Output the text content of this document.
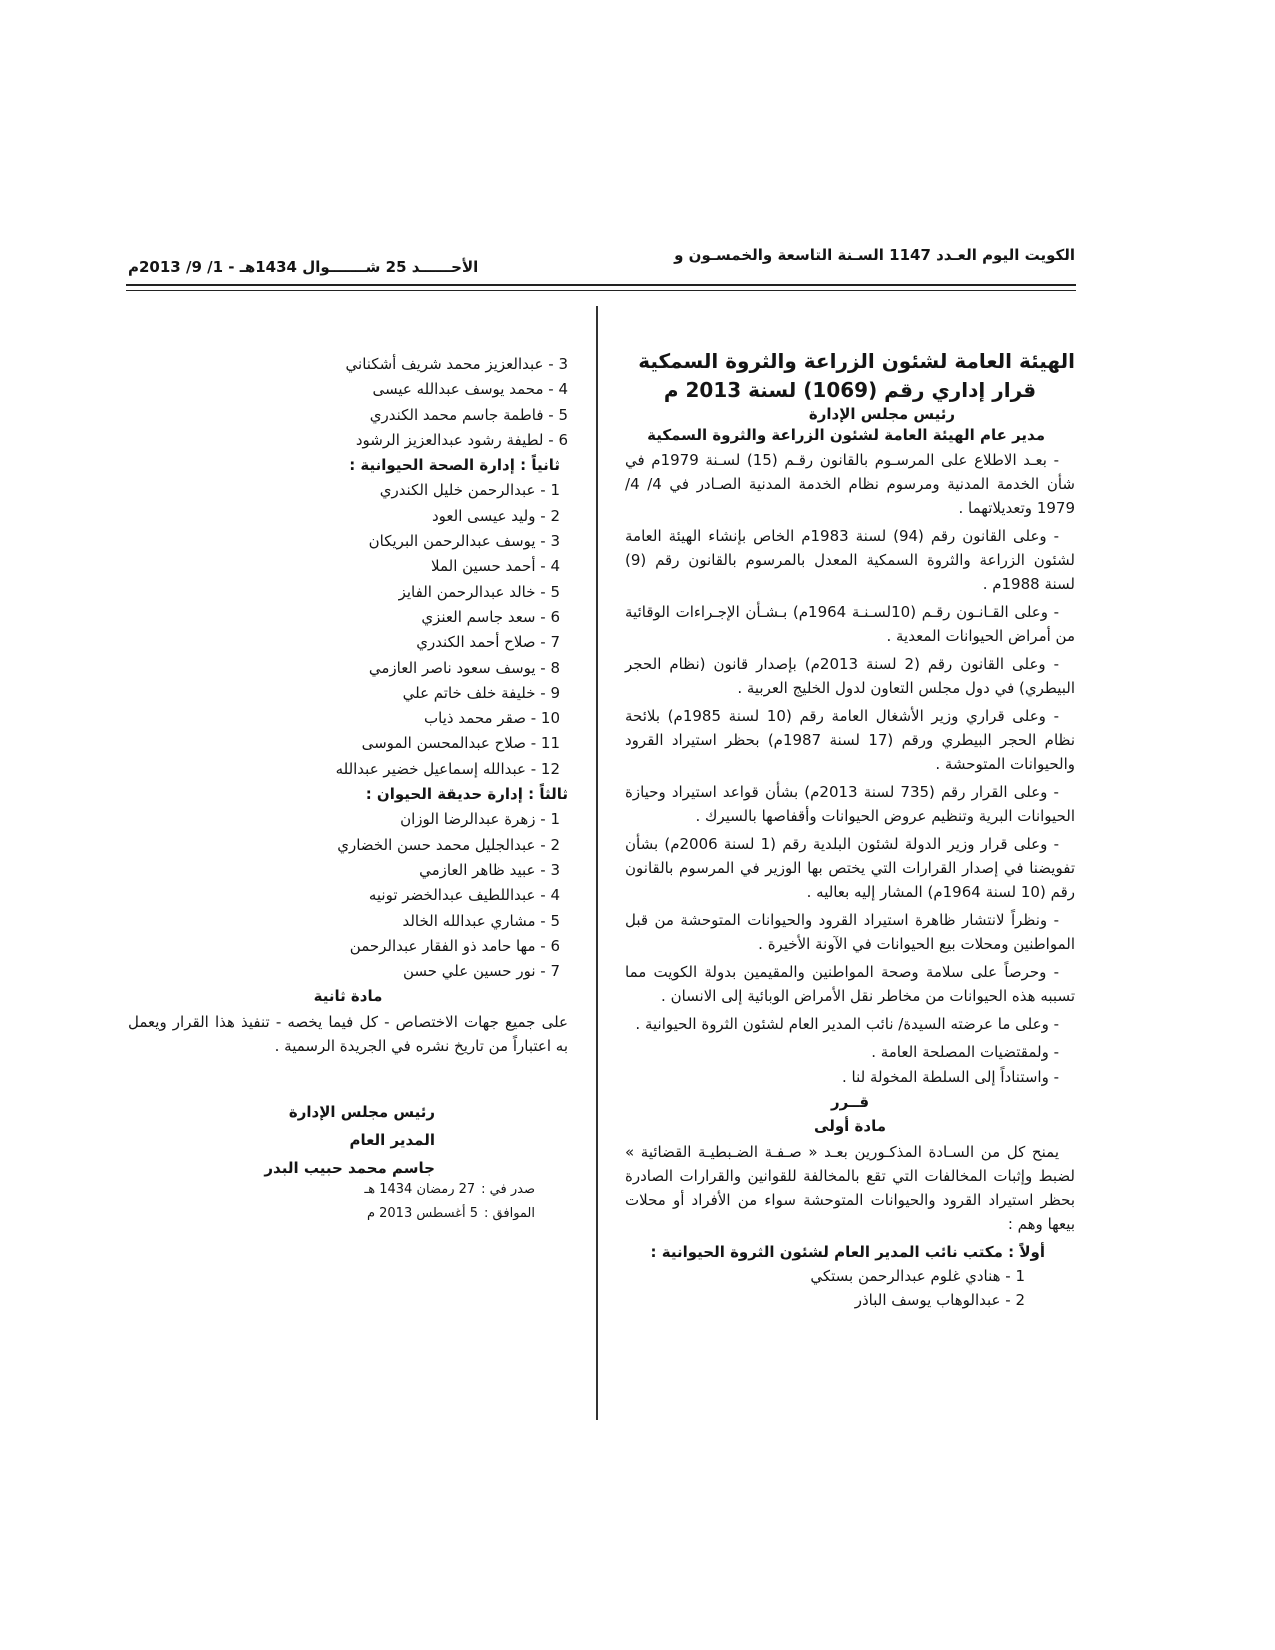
الكويت اليوم العـدد 1147 السـنة التاسعة والخمسـون و
الأحــــــد 25 شـــــــوال 1434هـ - 1/ 9/ 2013م
الهيئة العامة لشئون الزراعة والثروة السمكية
قرار إداري رقم (1069) لسنة 2013 م
رئيس مجلس الإدارة
مدير عام الهيئة العامة لشئون الزراعة والثروة السمكية
- بعـد الاطلاع على المرسـوم بالقانون رقـم (15) لسـنة 1979م في شأن الخدمة المدنية ومرسوم نظام الخدمة المدنية الصـادر في 4/ 4/ 1979 وتعديلاتهما .
- وعلى القانون رقم (94) لسنة 1983م الخاص بإنشاء الهيئة العامة لشئون الزراعة والثروة السمكية المعدل بالمرسوم بالقانون رقم (9) لسنة 1988م .
- وعلى القـانـون رقـم (10لسـنـة 1964م) بـشـأن الإجـراءات الوقائية من أمراض الحيوانات المعدية .
- وعلى القانون رقم (2 لسنة 2013م) بإصدار قانون (نظام الحجر البيطري) في دول مجلس التعاون لدول الخليج العربية .
- وعلى قراري وزير الأشغال العامة رقم (10 لسنة 1985م) بلائحة نظام الحجر البيطري ورقم (17 لسنة 1987م) بحظر استيراد القرود والحيوانات المتوحشة .
- وعلى القرار رقم (735 لسنة 2013م) بشأن قواعد استيراد وحيازة الحيوانات البرية وتنظيم عروض الحيوانات وأقفاصها بالسيرك .
- وعلى قرار وزير الدولة لشئون البلدية رقم (1 لسنة 2006م) بشأن تفويضنا في إصدار القرارات التي يختص بها الوزير في المرسوم بالقانون رقم (10 لسنة 1964م) المشار إليه بعاليه .
- ونظراً لانتشار ظاهرة استيراد القرود والحيوانات المتوحشة من قبل المواطنين ومحلات بيع الحيوانات في الآونة الأخيرة .
- وحرصاً على سلامة وصحة المواطنين والمقيمين بدولة الكويت مما تسببه هذه الحيوانات من مخاطر نقل الأمراض الوبائية إلى الانسان .
- وعلى ما عرضته السيدة/ نائب المدير العام لشئون الثروة الحيوانية .
- ولمقتضيات المصلحة العامة .
- واستناداً إلى السلطة المخولة لنا .
قــرر
مادة أولى
يمنح كل من السـادة المذكـورين بعـد « صـفـة الضـبطيـة القضائية » لضبط وإثبات المخالفات التي تقع بالمخالفة للقوانين والقرارات الصادرة بحظر استيراد القرود والحيوانات المتوحشة سواء من الأفراد أو محلات بيعها وهم :
أولاً : مكتب نائب المدير العام لشئون الثروة الحيوانية :
1 - هنادي غلوم عبدالرحمن بستكي
2 - عبدالوهاب يوسف الباذر
3 - عبدالعزيز محمد شريف أشكناني
4 - محمد يوسف عبدالله عيسى
5 - فاطمة جاسم محمد الكندري
6 - لطيفة رشود عبدالعزيز الرشود
ثانياً : إدارة الصحة الحيوانية :
1 - عبدالرحمن خليل الكندري
2 - وليد عيسى العود
3 - يوسف عبدالرحمن البريكان
4 - أحمد حسين الملا
5 - خالد عبدالرحمن الفايز
6 - سعد جاسم العنزي
7 - صلاح أحمد الكندري
8 - يوسف سعود ناصر العازمي
9 - خليفة خلف خاتم علي
10 - صقر محمد ذياب
11 - صلاح عبدالمحسن الموسى
12 - عبدالله إسماعيل خضير عبدالله
ثالثاً : إدارة حديقة الحيوان :
1 - زهرة عبدالرضا الوزان
2 - عبدالجليل محمد حسن الخضاري
3 - عبيد ظاهر العازمي
4 - عبداللطيف عبدالخضر تونيه
5 - مشاري عبدالله الخالد
6 - مها حامد ذو الفقار عبدالرحمن
7 - نور حسين علي حسن
مادة ثانية
على جميع جهات الاختصاص - كل فيما يخصه - تنفيذ هذا القرار ويعمل به اعتباراً من تاريخ نشره في الجريدة الرسمية .
رئيس مجلس الإدارة
المدير العام
جاسم محمد حبيب البدر
صدر في :27 رمضان 1434 هـ
الموافق :5 أغسطس 2013 م
